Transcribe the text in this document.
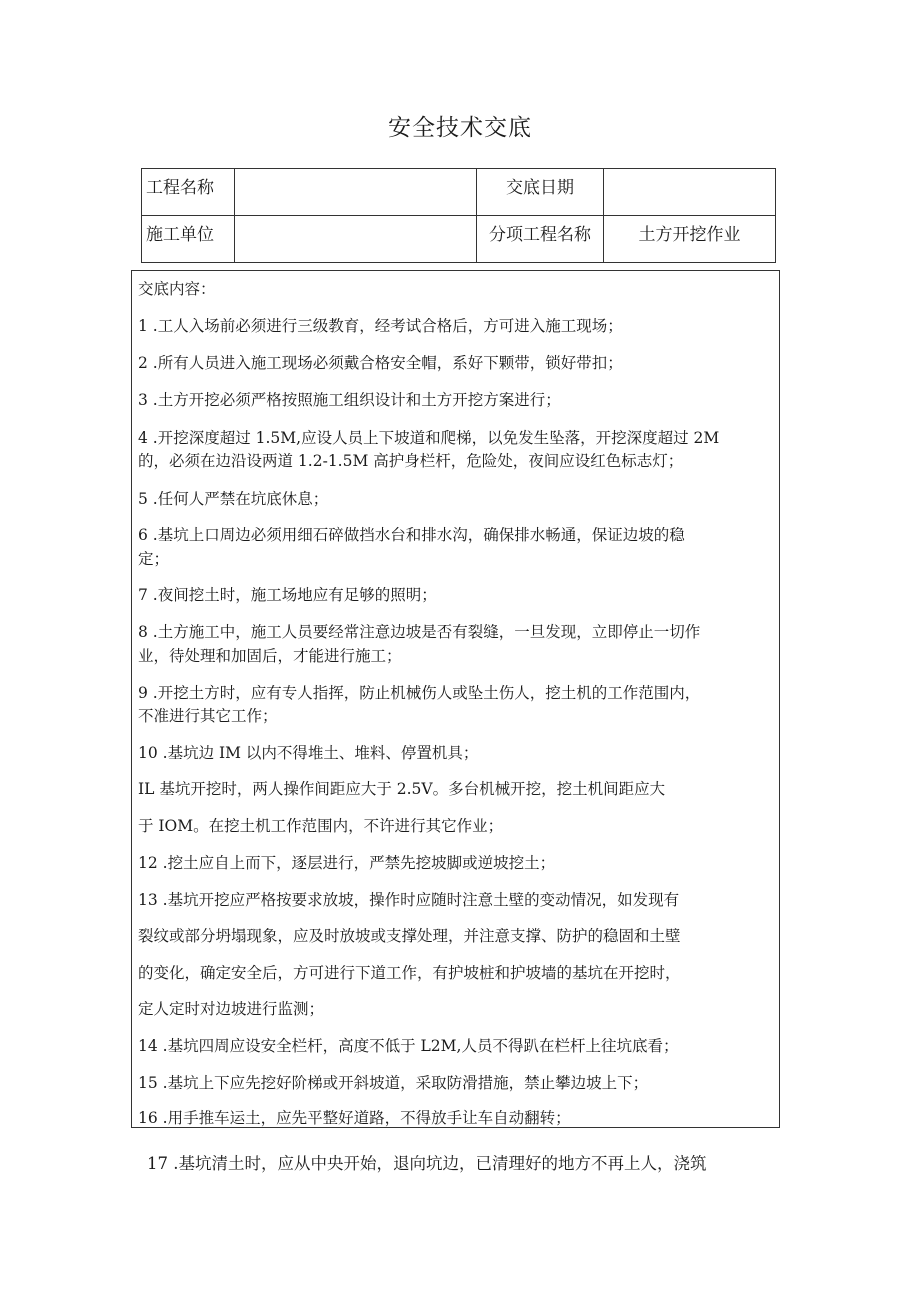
安全技术交底
工程名称		交底日期	
施工单位		分项工程名称	土方开挖作业
交底内容：
1 .工人入场前必须进行三级教育，经考试合格后，方可进入施工现场；
2 .所有人员进入施工现场必须戴合格安全帽，系好下颗带，锁好带扣；
3 .土方开挖必须严格按照施工组织设计和土方开挖方案进行；
4 .开挖深度超过 1.5M,应设人员上下坡道和爬梯，以免发生坠落，开挖深度超过 2M
的，必须在边沿设两道 1.2-1.5M 高护身栏杆，危险处，夜间应设红色标志灯；
5 .任何人严禁在坑底休息；
6 .基坑上口周边必须用细石碎做挡水台和排水沟，确保排水畅通，保证边坡的稳
定；
7 .夜间挖土时，施工场地应有足够的照明；
8 .土方施工中，施工人员要经常注意边坡是否有裂缝，一旦发现，立即停止一切作
业，待处理和加固后，才能进行施工；
9 .开挖土方时，应有专人指挥，防止机械伤人或坠土伤人，挖土机的工作范围内，
不准进行其它工作；
10 .基坑边 IM 以内不得堆土、堆料、停置机具；
IL 基坑开挖时，两人操作间距应大于 2.5V。多台机械开挖，挖土机间距应大
于 IOM。在挖土机工作范围内，不许进行其它作业；
12 .挖土应自上而下，逐层进行，严禁先挖坡脚或逆坡挖土；
13 .基坑开挖应严格按要求放坡，操作时应随时注意土壁的变动情况，如发现有
裂纹或部分坍塌现象，应及时放坡或支撑处理，并注意支撑、防护的稳固和土壁
的变化，确定安全后，方可进行下道工作，有护坡桩和护坡墙的基坑在开挖时，
定人定时对边坡进行监测；
14 .基坑四周应设安全栏杆，高度不低于 L2M,人员不得趴在栏杆上往坑底看；
15 .基坑上下应先挖好阶梯或开斜坡道，采取防滑措施，禁止攀边坡上下；
16 .用手推车运土，应先平整好道路，不得放手让车自动翻转；
17 .基坑清土时，应从中央开始，退向坑边，已清理好的地方不再上人，浇筑
